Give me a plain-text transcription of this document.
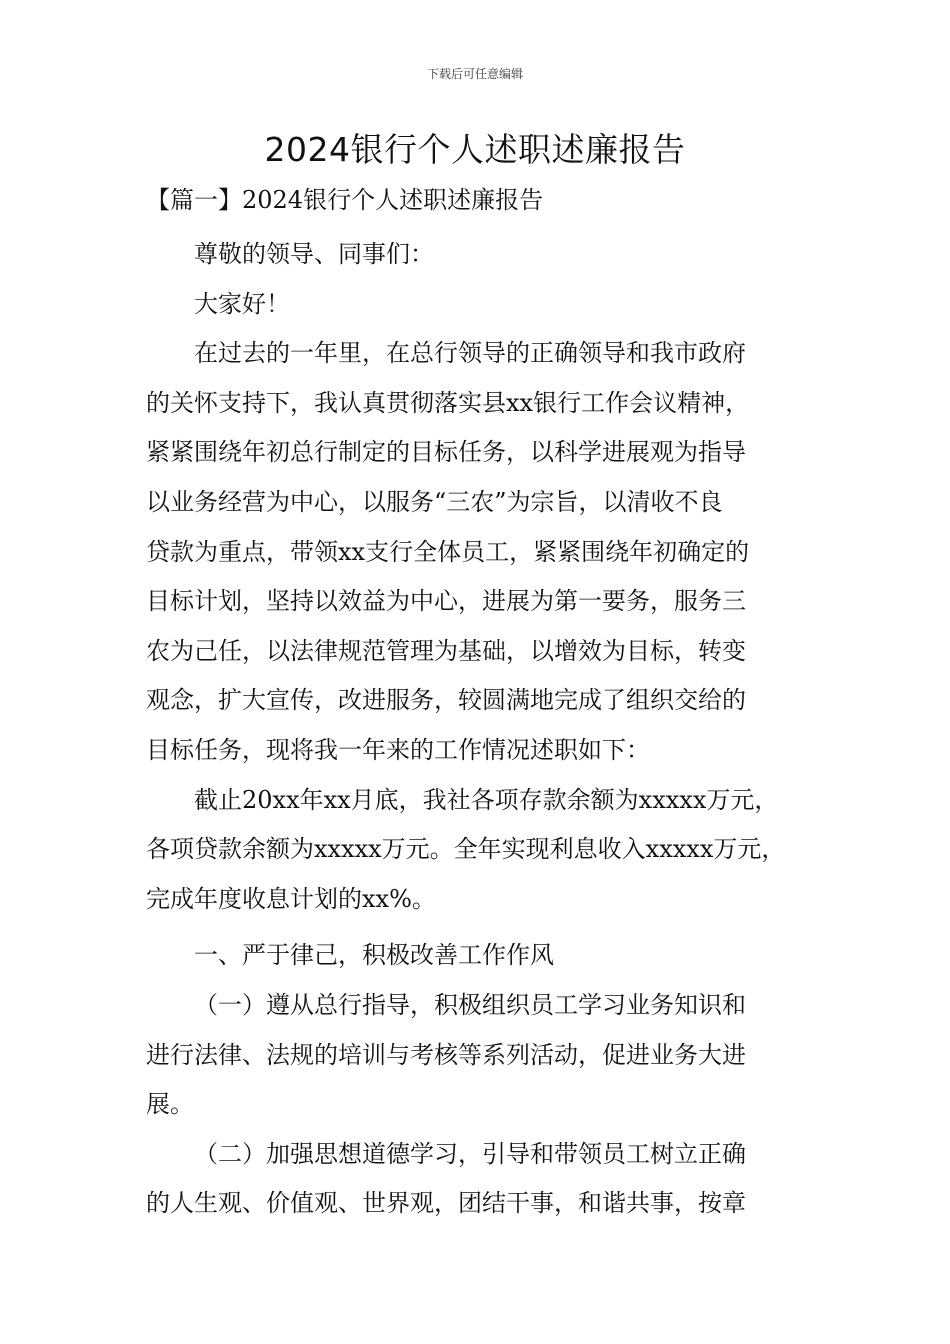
下载后可任意编辑
2024银行个人述职述廉报告
【篇一】2024银行个人述职述廉报告

尊敬的领导、同事们：

大家好！

在过去的一年里，在总行领导的正确领导和我市政府
的关怀支持下，我认真贯彻落实县xx银行工作会议精神，
紧紧围绕年初总行制定的目标任务，以科学进展观为指导
以业务经营为中心，以服务“三农”为宗旨，以清收不良
贷款为重点，带领xx支行全体员工，紧紧围绕年初确定的
目标计划，坚持以效益为中心，进展为第一要务，服务三
农为己任，以法律规范管理为基础，以增效为目标，转变
观念，扩大宣传，改进服务，较圆满地完成了组织交给的
目标任务，现将我一年来的工作情况述职如下：

截止20xx年xx月底，我社各项存款余额为xxxxx万元，
各项贷款余额为xxxxx万元。全年实现利息收入xxxxx万元，
完成年度收息计划的xx%。

一、严于律己，积极改善工作作风

（一）遵从总行指导，积极组织员工学习业务知识和
进行法律、法规的培训与考核等系列活动，促进业务大进
展。

（二）加强思想道德学习，引导和带领员工树立正确
的人生观、价值观、世界观，团结干事，和谐共事，按章
